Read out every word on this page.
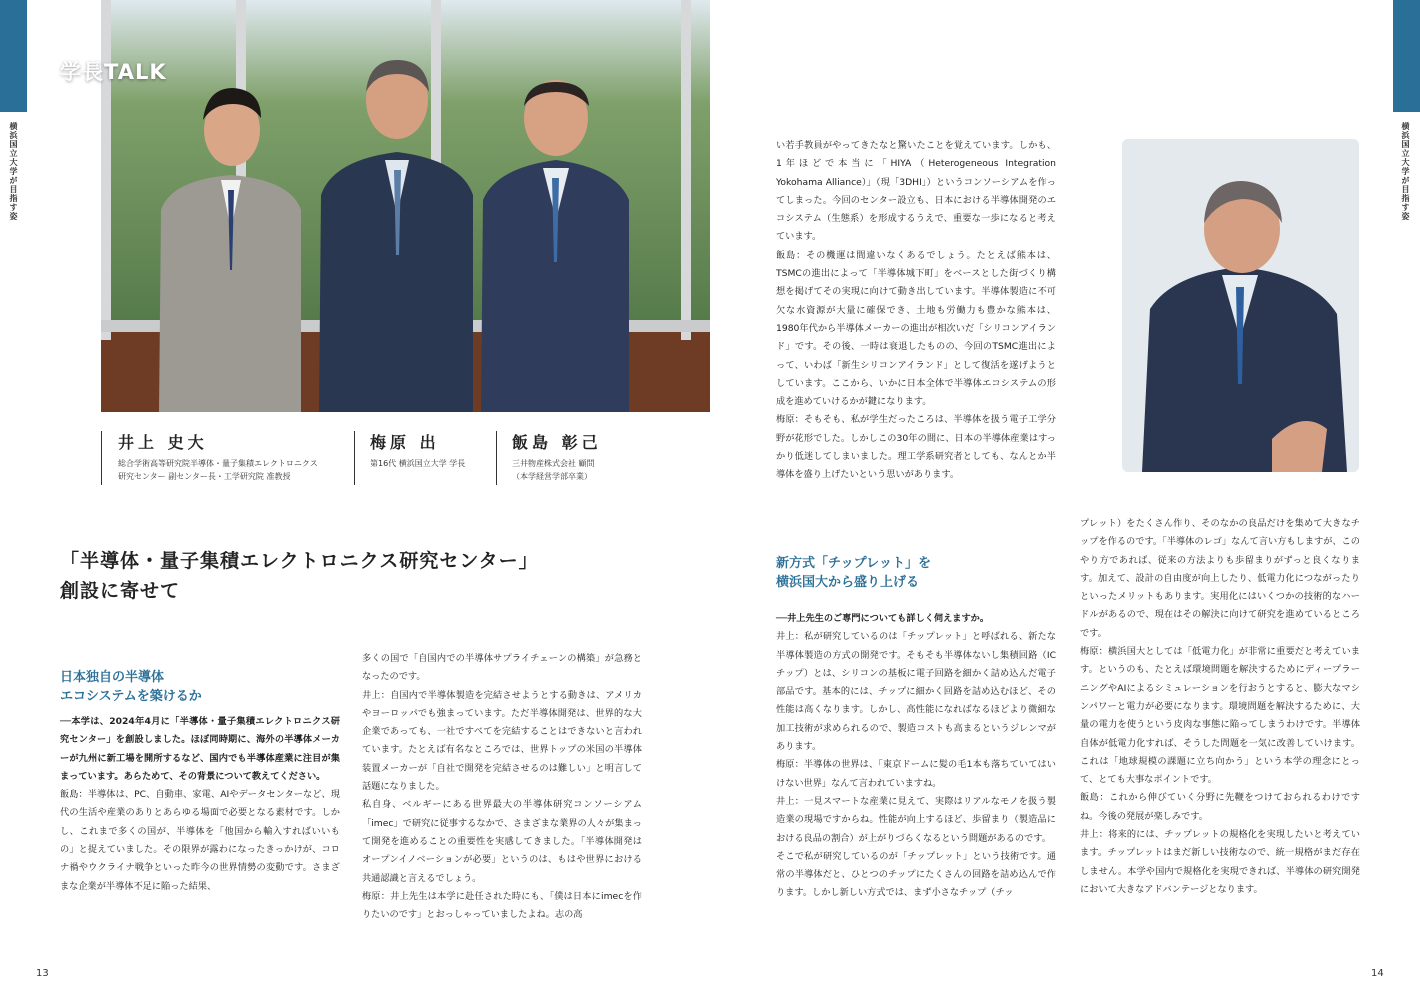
横浜国立大学が目指す姿	横浜国立大学が目指す姿
学長TALK
井上 史大
総合学術高等研究院半導体・量子集積エレクトロニクス
研究センター 副センター長・工学研究院 准教授
梅原 出
第16代 横浜国立大学 学長
飯島 彰己
三井物産株式会社 顧問
（本学経営学部卒業）
「半導体・量子集積エレクトロニクス研究センター」
創設に寄せて
日本独自の半導体
エコシステムを築けるか

──本学は、2024年4月に「半導体・量子集積エレクトロニクス研究センター」を創設しました。ほぼ同時期に、海外の半導体メーカーが九州に新工場を開所するなど、国内でも半導体産業に注目が集まっています。あらためて、その背景について教えてください。

飯島：半導体は、PC、自動車、家電、AIやデータセンターなど、現代の生活や産業のありとあらゆる場面で必要となる素材です。しかし、これまで多くの国が、半導体を「他国から輸入すればいいもの」と捉えていました。その限界が露わになったきっかけが、コロナ禍やウクライナ戦争といった昨今の世界情勢の変動です。さまざまな企業が半導体不足に陥った結果、

多くの国で「自国内での半導体サプライチェーンの構築」が急務となったのです。

井上：自国内で半導体製造を完結させようとする動きは、アメリカやヨーロッパでも強まっています。ただ半導体開発は、世界的な大企業であっても、一社ですべてを完結することはできないと言われています。たとえば有名なところでは、世界トップの米国の半導体装置メーカーが「自社で開発を完結させるのは難しい」と明言して話題になりました。

私自身、ベルギーにある世界最大の半導体研究コンソーシアム「imec」で研究に従事するなかで、さまざまな業界の人々が集まって開発を進めることの重要性を実感してきました。「半導体開発はオープンイノベーションが必要」というのは、もはや世界における共通認識と言えるでしょう。

梅原：井上先生は本学に赴任された時にも、「僕は日本にimecを作りたいのです」とおっしゃっていましたよね。志の高

い若手教員がやってきたなと驚いたことを覚えています。しかも、1年ほどで本当に「HIYA（Heterogeneous Integration Yokohama Alliance）」（現「3DHI」）というコンソーシアムを作ってしまった。今回のセンター設立も、日本における半導体開発のエコシステム（生態系）を形成するうえで、重要な一歩になると考えています。

飯島：その機運は間違いなくあるでしょう。たとえば熊本は、TSMCの進出によって「半導体城下町」をベースとした街づくり構想を掲げてその実現に向けて動き出しています。半導体製造に不可欠な水資源が大量に確保でき、土地も労働力も豊かな熊本は、1980年代から半導体メーカーの進出が相次いだ「シリコンアイランド」です。その後、一時は衰退したものの、今回のTSMC進出によって、いわば「新生シリコンアイランド」として復活を遂げようとしています。ここから、いかに日本全体で半導体エコシステムの形成を進めていけるかが鍵になります。

梅原：そもそも、私が学生だったころは、半導体を扱う電子工学分野が花形でした。しかしこの30年の間に、日本の半導体産業はすっかり低迷してしまいました。理工学系研究者としても、なんとか半導体を盛り上げたいという思いがあります。

新方式「チップレット」を
横浜国大から盛り上げる

──井上先生のご専門についても詳しく伺えますか。

井上：私が研究しているのは「チップレット」と呼ばれる、新たな半導体製造の方式の開発です。そもそも半導体ないし集積回路（ICチップ）とは、シリコンの基板に電子回路を細かく詰め込んだ電子部品です。基本的には、チップに細かく回路を詰め込むほど、その性能は高くなります。しかし、高性能になればなるほどより微細な加工技術が求められるので、製造コストも高まるというジレンマがあります。

梅原：半導体の世界は、「東京ドームに髪の毛1本も落ちていてはいけない世界」なんて言われていますね。

井上：一見スマートな産業に見えて、実際はリアルなモノを扱う製造業の現場ですからね。性能が向上するほど、歩留まり（製造品における良品の割合）が上がりづらくなるという問題があるのです。

そこで私が研究しているのが「チップレット」という技術です。通常の半導体だと、ひとつのチップにたくさんの回路を詰め込んで作ります。しかし新しい方式では、まず小さなチップ（チッ

プレット）をたくさん作り、そのなかの良品だけを集めて大きなチップを作るのです。「半導体のレゴ」なんて言い方もしますが、このやり方であれば、従来の方法よりも歩留まりがずっと良くなります。加えて、設計の自由度が向上したり、低電力化につながったりといったメリットもあります。実用化にはいくつかの技術的なハードルがあるので、現在はその解決に向けて研究を進めているところです。

梅原：横浜国大としては「低電力化」が非常に重要だと考えています。というのも、たとえば環境問題を解決するためにディープラーニングやAIによるシミュレーションを行おうとすると、膨大なマシンパワーと電力が必要になります。環境問題を解決するために、大量の電力を使うという皮肉な事態に陥ってしまうわけです。半導体自体が低電力化すれば、そうした問題を一気に改善していけます。これは「地球規模の課題に立ち向かう」という本学の理念にとって、とても大事なポイントです。

飯島：これから伸びていく分野に先鞭をつけておられるわけですね。今後の発展が楽しみです。

井上：将来的には、チップレットの規格化を実現したいと考えています。チップレットはまだ新しい技術なので、統一規格がまだ存在しません。本学や国内で規格化を実現できれば、半導体の研究開発において大きなアドバンテージとなります。

13	14
